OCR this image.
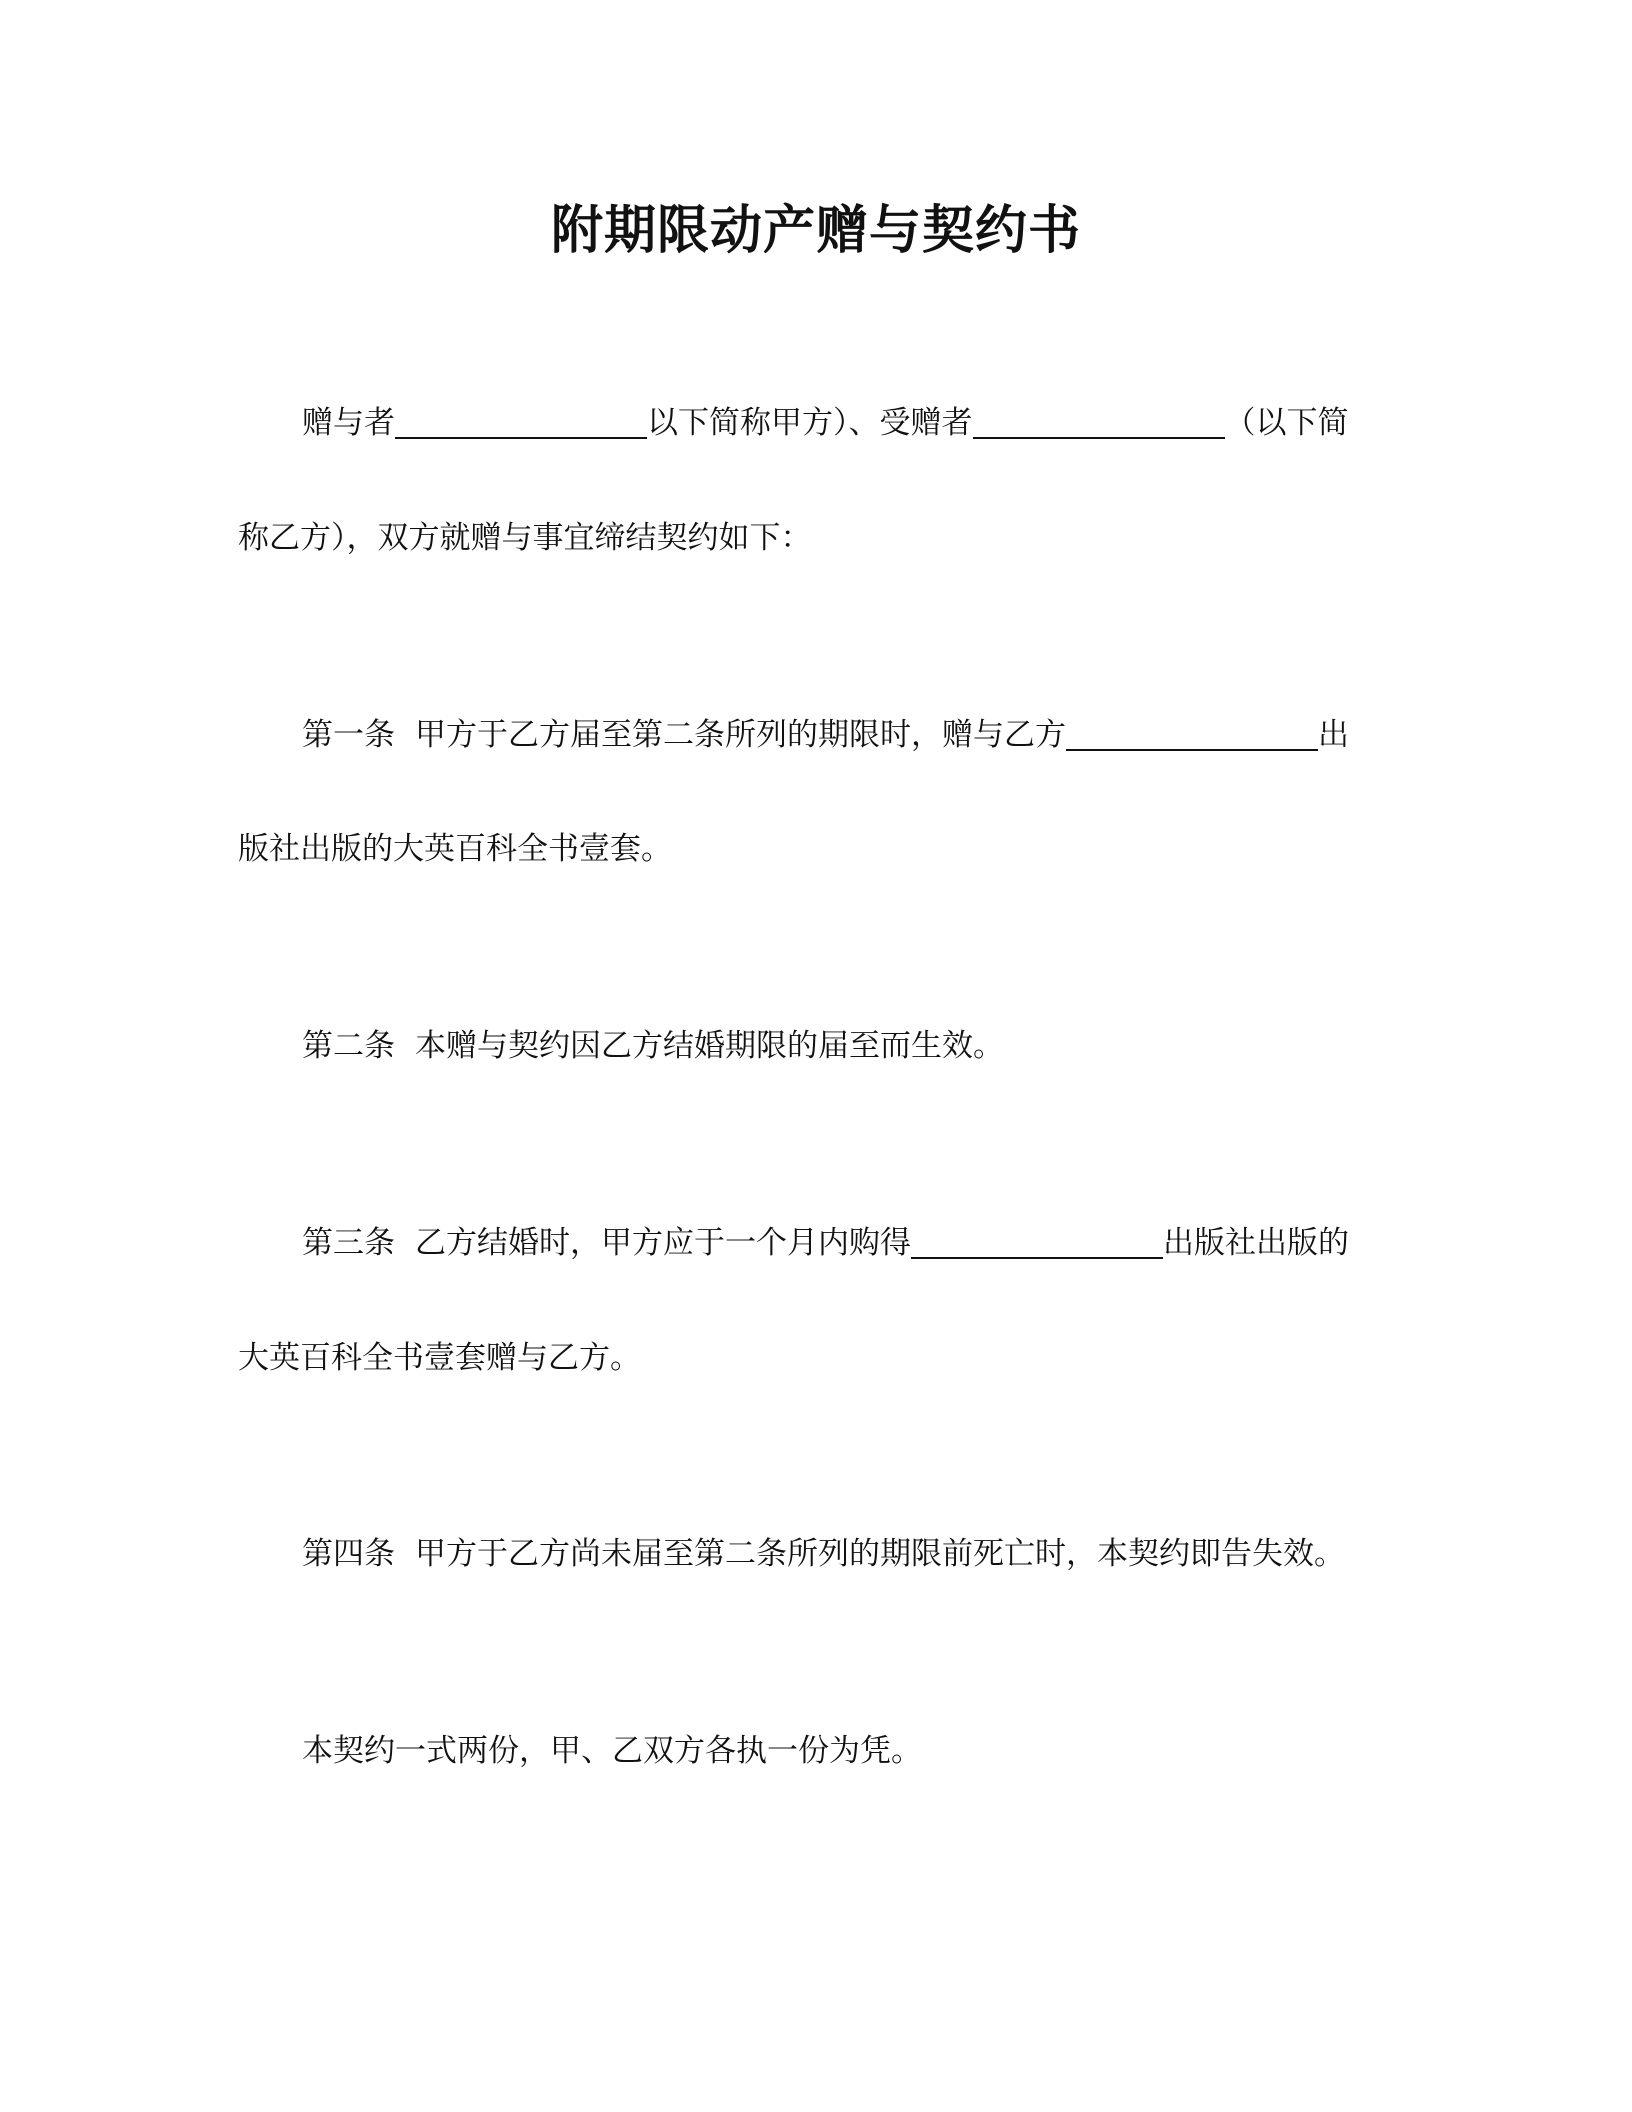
附期限动产赠与契约书
赠与者	以下简称甲方）、受赠者	（以下简
称乙方），双方就赠与事宜缔结契约如下：
第一条 甲方于乙方届至第二条所列的期限时，赠与乙方	出
版社出版的大英百科全书壹套。
第二条 本赠与契约因乙方结婚期限的届至而生效。
第三条 乙方结婚时，甲方应于一个月内购得	出版社出版的
大英百科全书壹套赠与乙方。
第四条 甲方于乙方尚未届至第二条所列的期限前死亡时，本契约即告失效。
本契约一式两份，甲、乙双方各执一份为凭。
